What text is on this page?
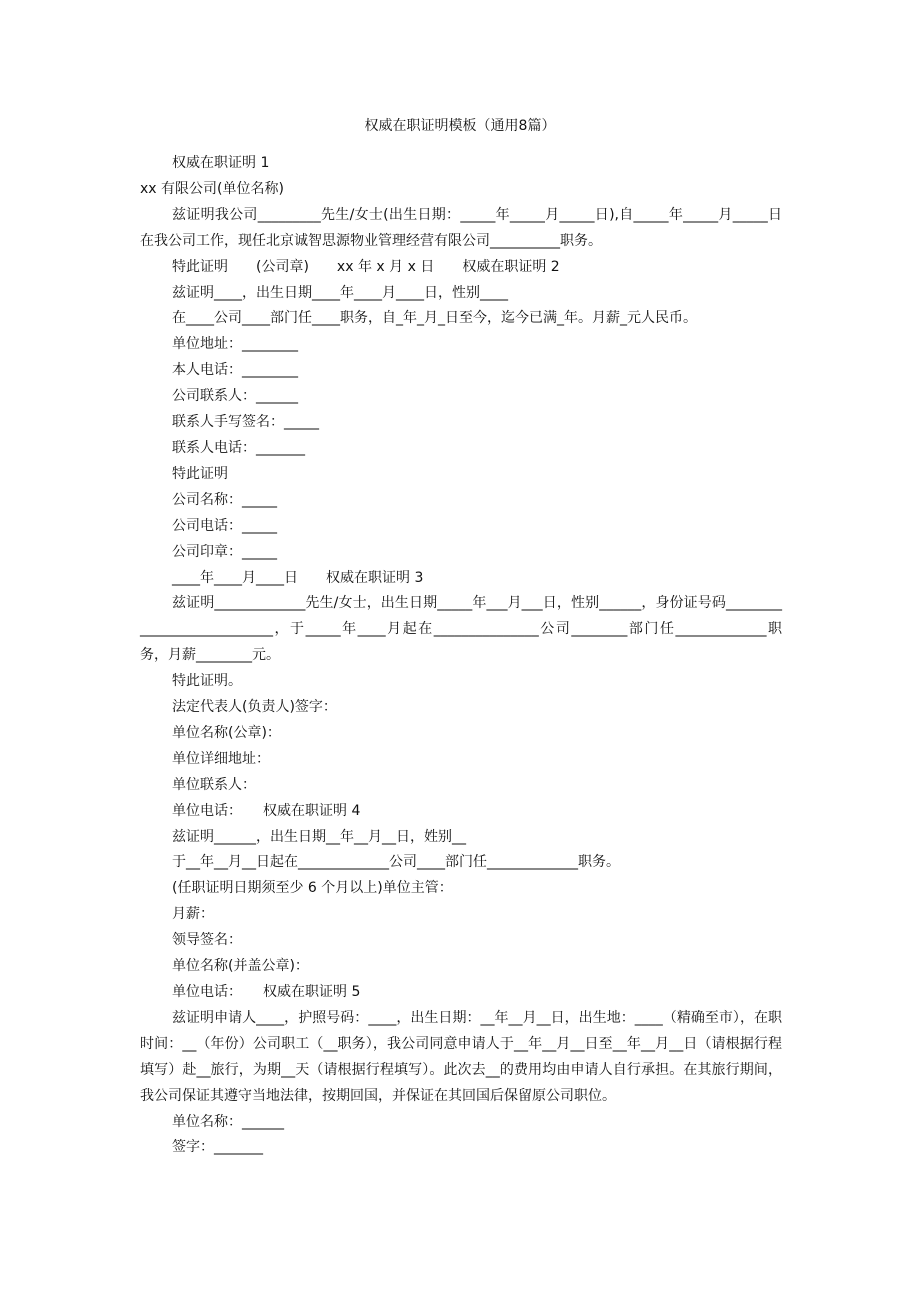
权威在职证明模板（通用8篇）

权威在职证明 1

xx 有限公司(单位名称)

兹证明我公司_________先生/女士(出生日期：_____年_____月_____日),自_____年_____月_____日在我公司工作，现任北京诚智思源物业管理经营有限公司__________职务。

特此证明　　(公司章)　　xx 年 x 月 x 日　　权威在职证明 2

兹证明____，出生日期____年____月____日，性别____

在____公司____部门任____职务，自_年_月_日至今，迄今已满_年。月薪_元人民币。

单位地址：________

本人电话：________

公司联系人：______

联系人手写签名：_____

联系人电话：_______

特此证明

公司名称：_____

公司电话：_____

公司印章：_____

____年____月____日　　权威在职证明 3

兹证明_____________先生/女士，出生日期_____年___月___日，性别______，身份证号码___________________________，于_____年____月起在_______________公司________部门任_____________职务，月薪________元。

特此证明。

法定代表人(负责人)签字：

单位名称(公章)：

单位详细地址：

单位联系人：

单位电话：　　权威在职证明 4

兹证明______，出生日期__年__月__日，姓别__

于__年__月__日起在_____________公司____部门任_____________职务。

(任职证明日期须至少 6 个月以上)单位主管：

月薪：

领导签名：

单位名称(并盖公章)：

单位电话：　　权威在职证明 5

兹证明申请人____，护照号码：____，出生日期：__年__月__日，出生地：____（精确至市），在职时间：__（年份）公司职工（__职务），我公司同意申请人于__年__月__日至__年__月__日（请根据行程填写）赴__旅行，为期__天（请根据行程填写）。此次去__的费用均由申请人自行承担。在其旅行期间，我公司保证其遵守当地法律，按期回国，并保证在其回国后保留原公司职位。

单位名称：______

签字：_______
